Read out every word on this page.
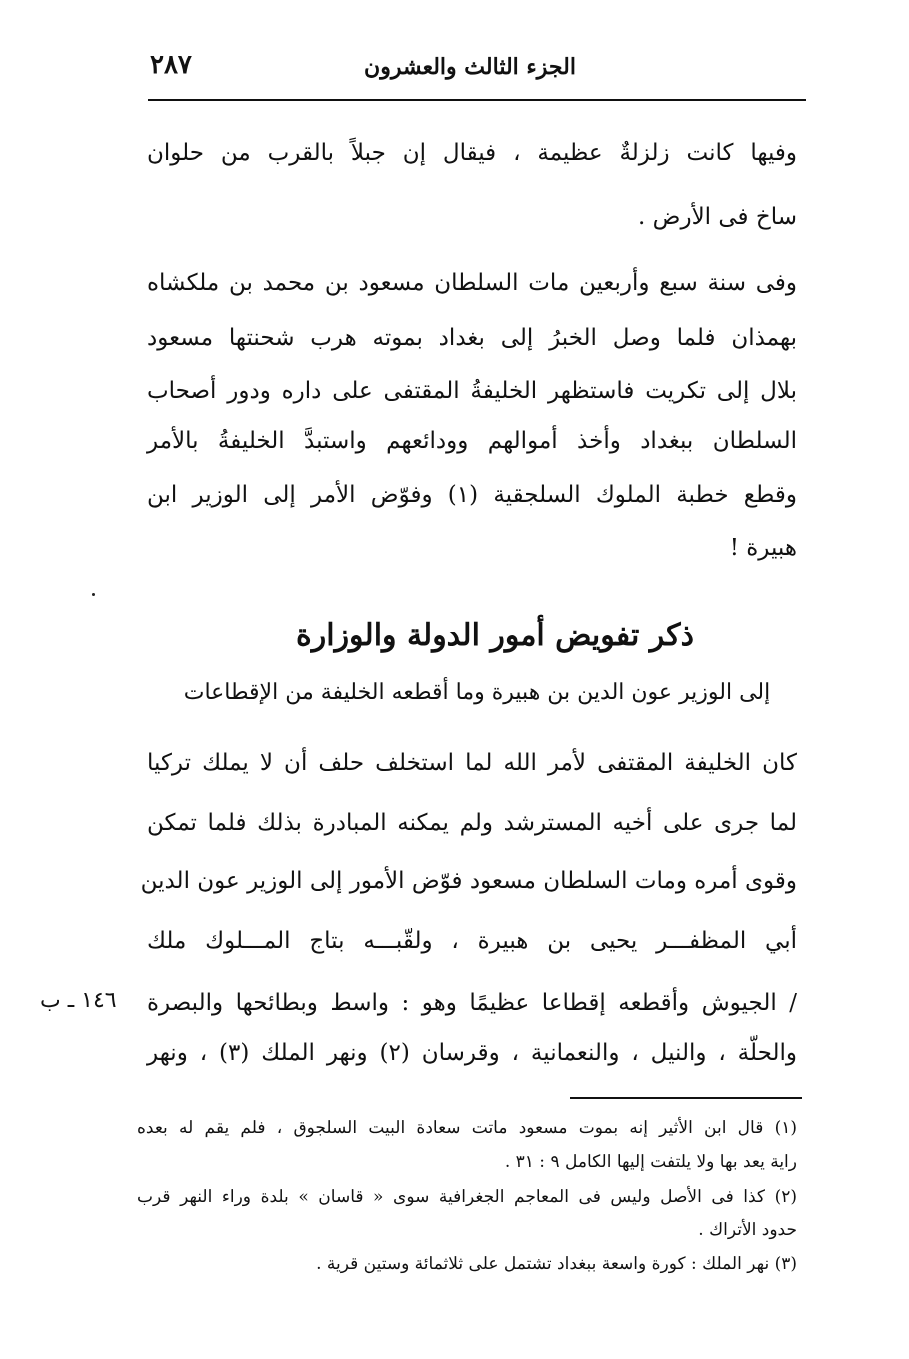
الجزء الثالث والعشرون
٢٨٧
وفيها كانت زلزلةٌ عظيمة ، فيقال إن جبلاً بالقرب من حلوان
ساخ فى الأرض .
وفى سنة سبع وأربعين مات السلطان مسعود بن محمد بن ملكشاه
بهمذان فلما وصل الخبرُ إلى بغداد بموته هرب شحنتها مسعود
بلال إلى تكريت فاستظهر الخليفةُ المقتفى على داره ودور أصحاب
السلطان ببغداد وأخذ أموالهم وودائعهم واستبدَّ الخليفةُ بالأمر
وقطع خطبة الملوك السلجقية (١) وفوّض الأمر إلى الوزير ابن
هبيرة !
ذكر تفويض أمور الدولة والوزارة
إلى الوزير عون الدين بن هبيرة وما أقطعه الخليفة من الإقطاعات
كان الخليفة المقتفى لأمر الله لما استخلف حلف أن لا يملك تركيا
لما جرى على أخيه المسترشد ولم يمكنه المبادرة بذلك فلما تمكن
وقوى أمره ومات السلطان مسعود فوّض الأمور إلى الوزير عون الدين
أبي المظفـــر يحيى بن هبيرة ، ولقّبـــه بتاج المـــلوك ملك
/ الجيوش وأقطعه إقطاعا عظيمًا وهو : واسط وبطائحها والبصرة
والحلّة ، والنيل ، والنعمانية ، وقرسان (٢) ونهر الملك (٣) ، ونهر
١٤٦ ـ ب
(١) قال ابن الأثير إنه بموت مسعود ماتت سعادة البيت السلجوق ، فلم يقم له بعده
راية يعد بها ولا يلتفت إليها الكامل ٩ : ٣١ .
(٢) كذا فى الأصل وليس فى المعاجم الجغرافية سوى « قاسان » بلدة وراء النهر قرب
حدود الأتراك .
(٣) نهر الملك : كورة واسعة ببغداد تشتمل على ثلاثمائة وستين قرية .
